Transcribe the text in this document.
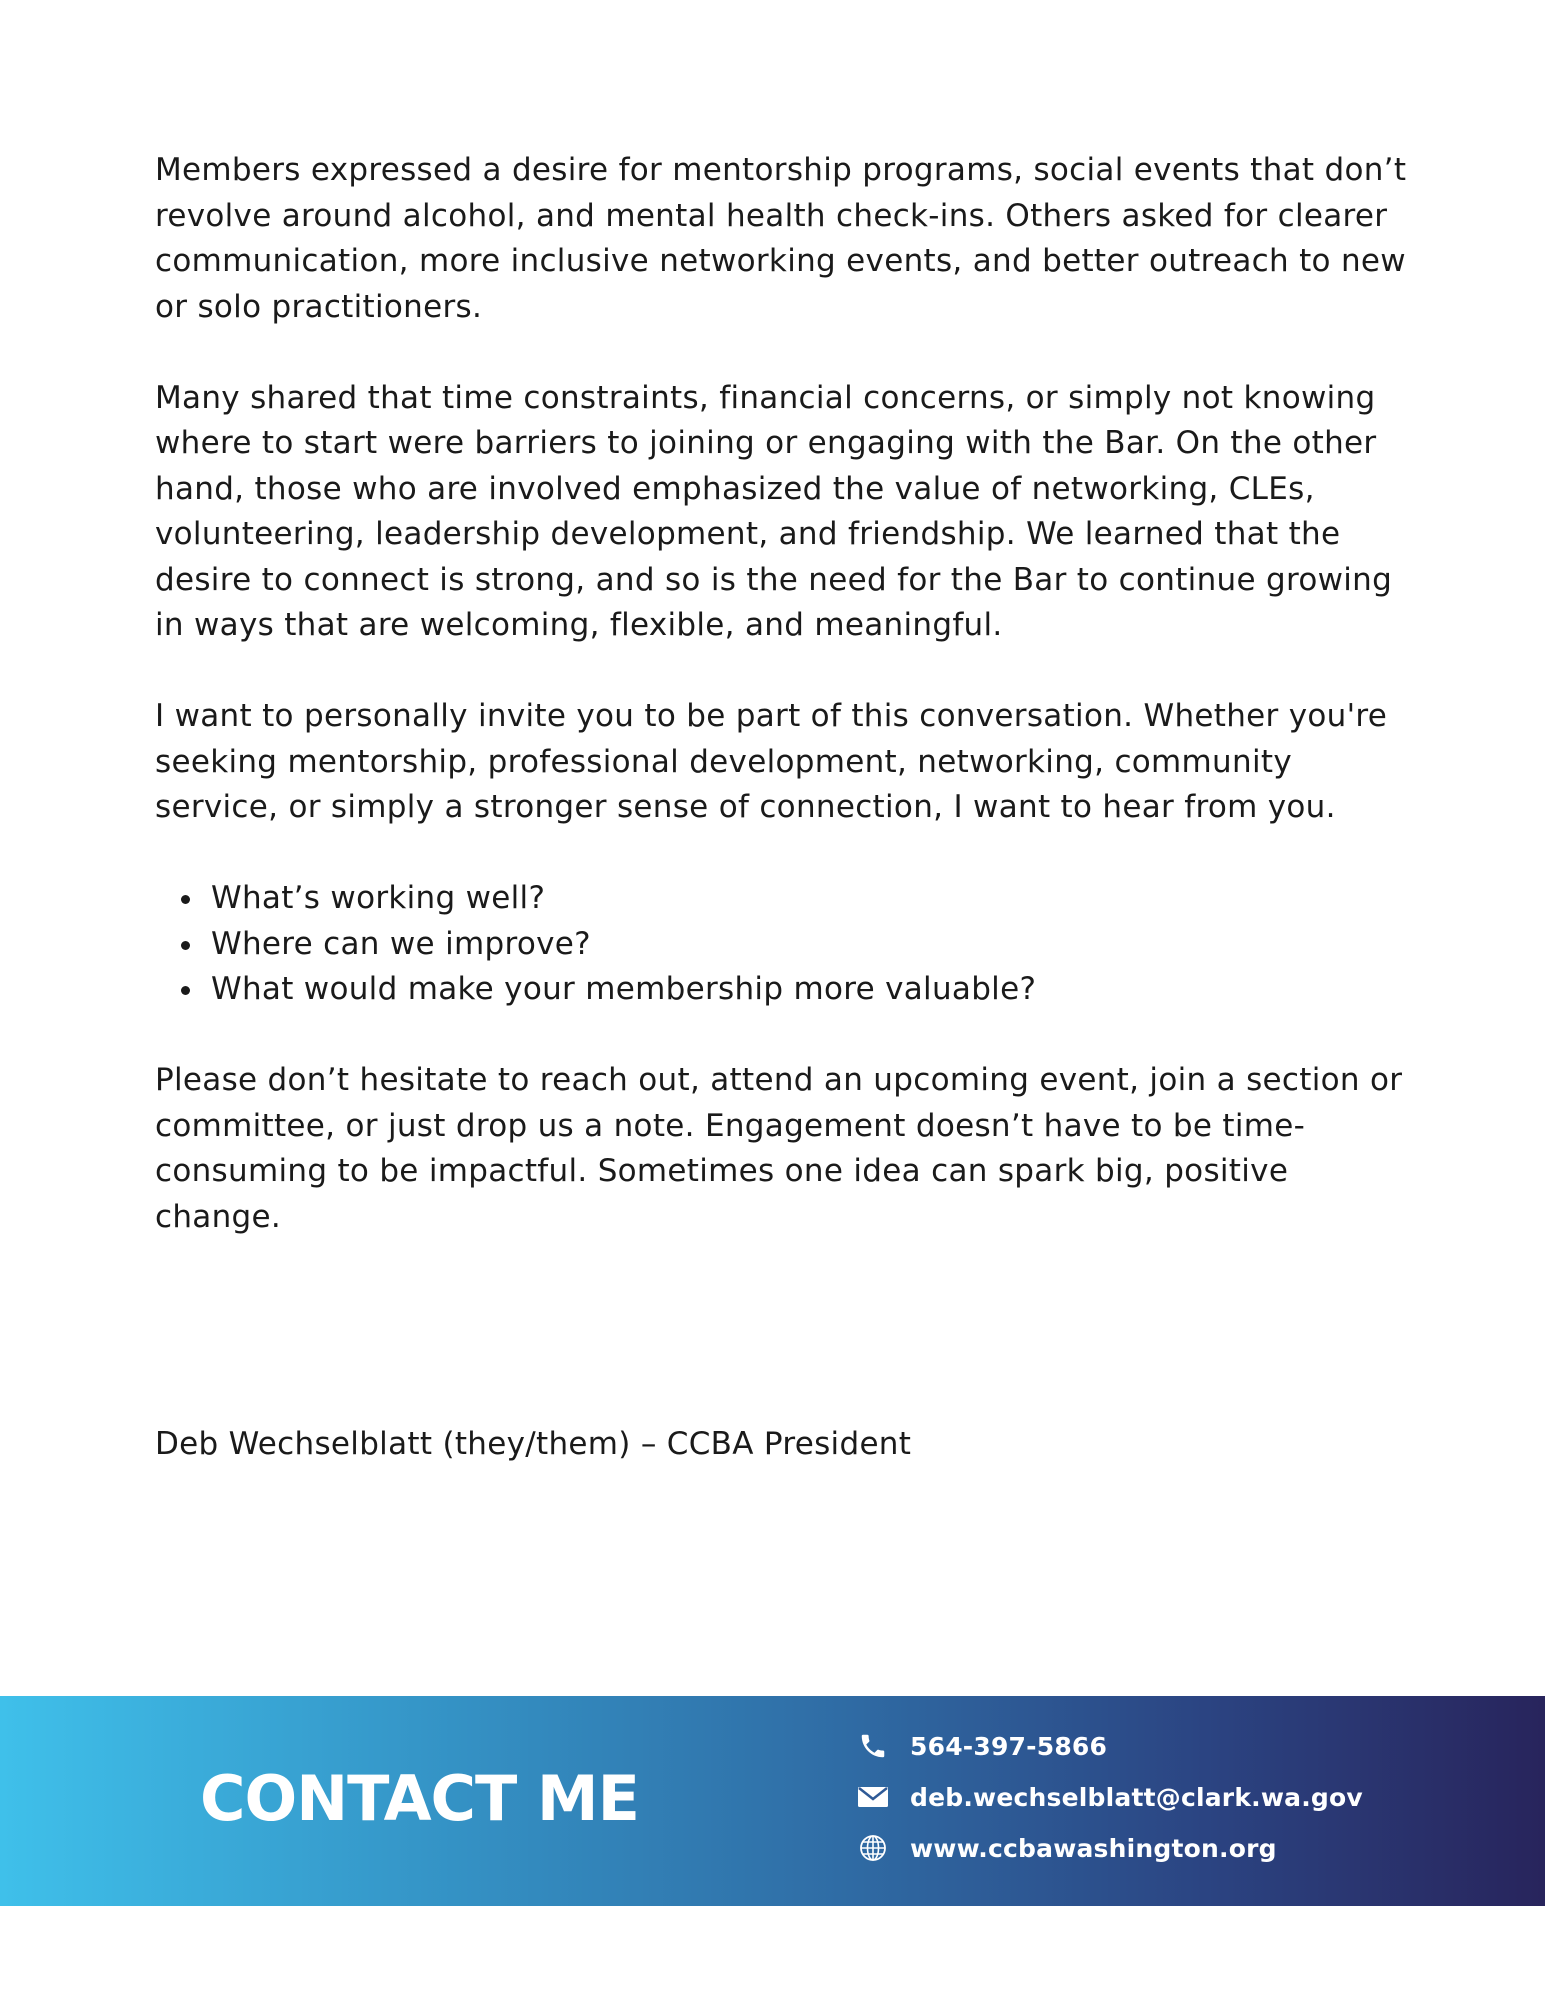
Members expressed a desire for mentorship programs, social events that don’t revolve around alcohol, and mental health check-ins. Others asked for clearer communication, more inclusive networking events, and better outreach to new or solo practitioners.

Many shared that time constraints, financial concerns, or simply not knowing where to start were barriers to joining or engaging with the Bar. On the other hand, those who are involved emphasized the value of networking, CLEs, volunteering, leadership development, and friendship. We learned that the desire to connect is strong, and so is the need for the Bar to continue growing in ways that are welcoming, flexible, and meaningful.

I want to personally invite you to be part of this conversation. Whether you're seeking mentorship, professional development, networking, community service, or simply a stronger sense of connection, I want to hear from you.

What’s working well?
Where can we improve?
What would make your membership more valuable?

Please don’t hesitate to reach out, attend an upcoming event, join a section or committee, or just drop us a note. Engagement doesn’t have to be time-consuming to be impactful. Sometimes one idea can spark big, positive change.

Deb Wechselblatt (they/them) – CCBA President
CONTACT ME
564-397-5866
deb.wechselblatt@clark.wa.gov
www.ccbawashington.org
